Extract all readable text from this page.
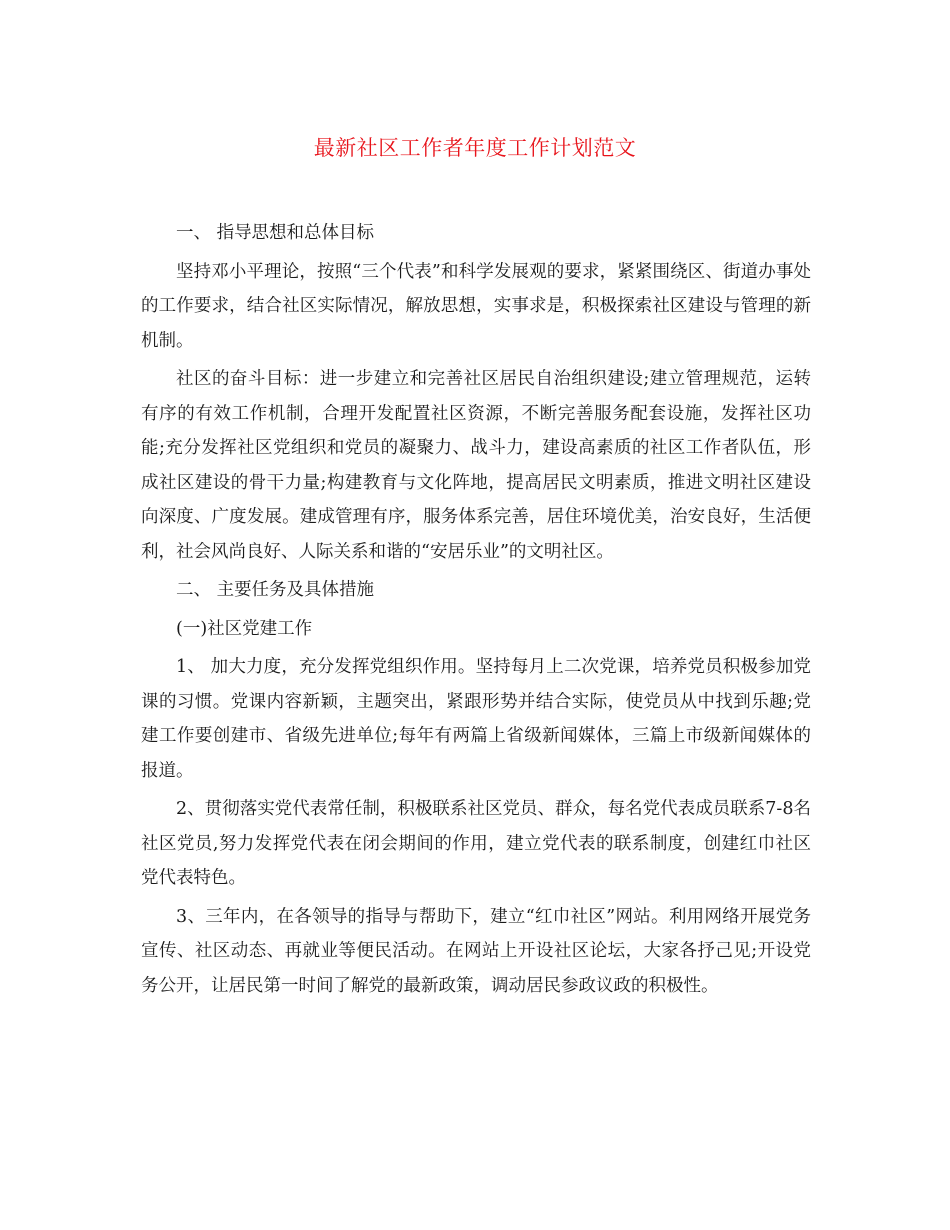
最新社区工作者年度工作计划范文

一、 指导思想和总体目标

坚持邓小平理论，按照“三个代表”和科学发展观的要求，紧紧围绕区、街道办事处的工作要求，结合社区实际情况，解放思想，实事求是，积极探索社区建设与管理的新机制。

社区的奋斗目标：进一步建立和完善社区居民自治组织建设;建立管理规范，运转有序的有效工作机制，合理开发配置社区资源，不断完善服务配套设施，发挥社区功能;充分发挥社区党组织和党员的凝聚力、战斗力，建设高素质的社区工作者队伍，形成社区建设的骨干力量;构建教育与文化阵地，提高居民文明素质，推进文明社区建设向深度、广度发展。建成管理有序，服务体系完善，居住环境优美，治安良好，生活便利，社会风尚良好、人际关系和谐的“安居乐业”的文明社区。

二、 主要任务及具体措施

(一)社区党建工作

1、 加大力度，充分发挥党组织作用。坚持每月上二次党课，培养党员积极参加党课的习惯。党课内容新颖，主题突出，紧跟形势并结合实际，使党员从中找到乐趣;党建工作要创建市、省级先进单位;每年有两篇上省级新闻媒体，三篇上市级新闻媒体的报道。

2、贯彻落实党代表常任制，积极联系社区党员、群众，每名党代表成员联系7-8名社区党员,努力发挥党代表在闭会期间的作用，建立党代表的联系制度，创建红巾社区党代表特色。

3、三年内，在各领导的指导与帮助下，建立“红巾社区”网站。利用网络开展党务宣传、社区动态、再就业等便民活动。在网站上开设社区论坛，大家各抒己见;开设党务公开，让居民第一时间了解党的最新政策，调动居民参政议政的积极性。
